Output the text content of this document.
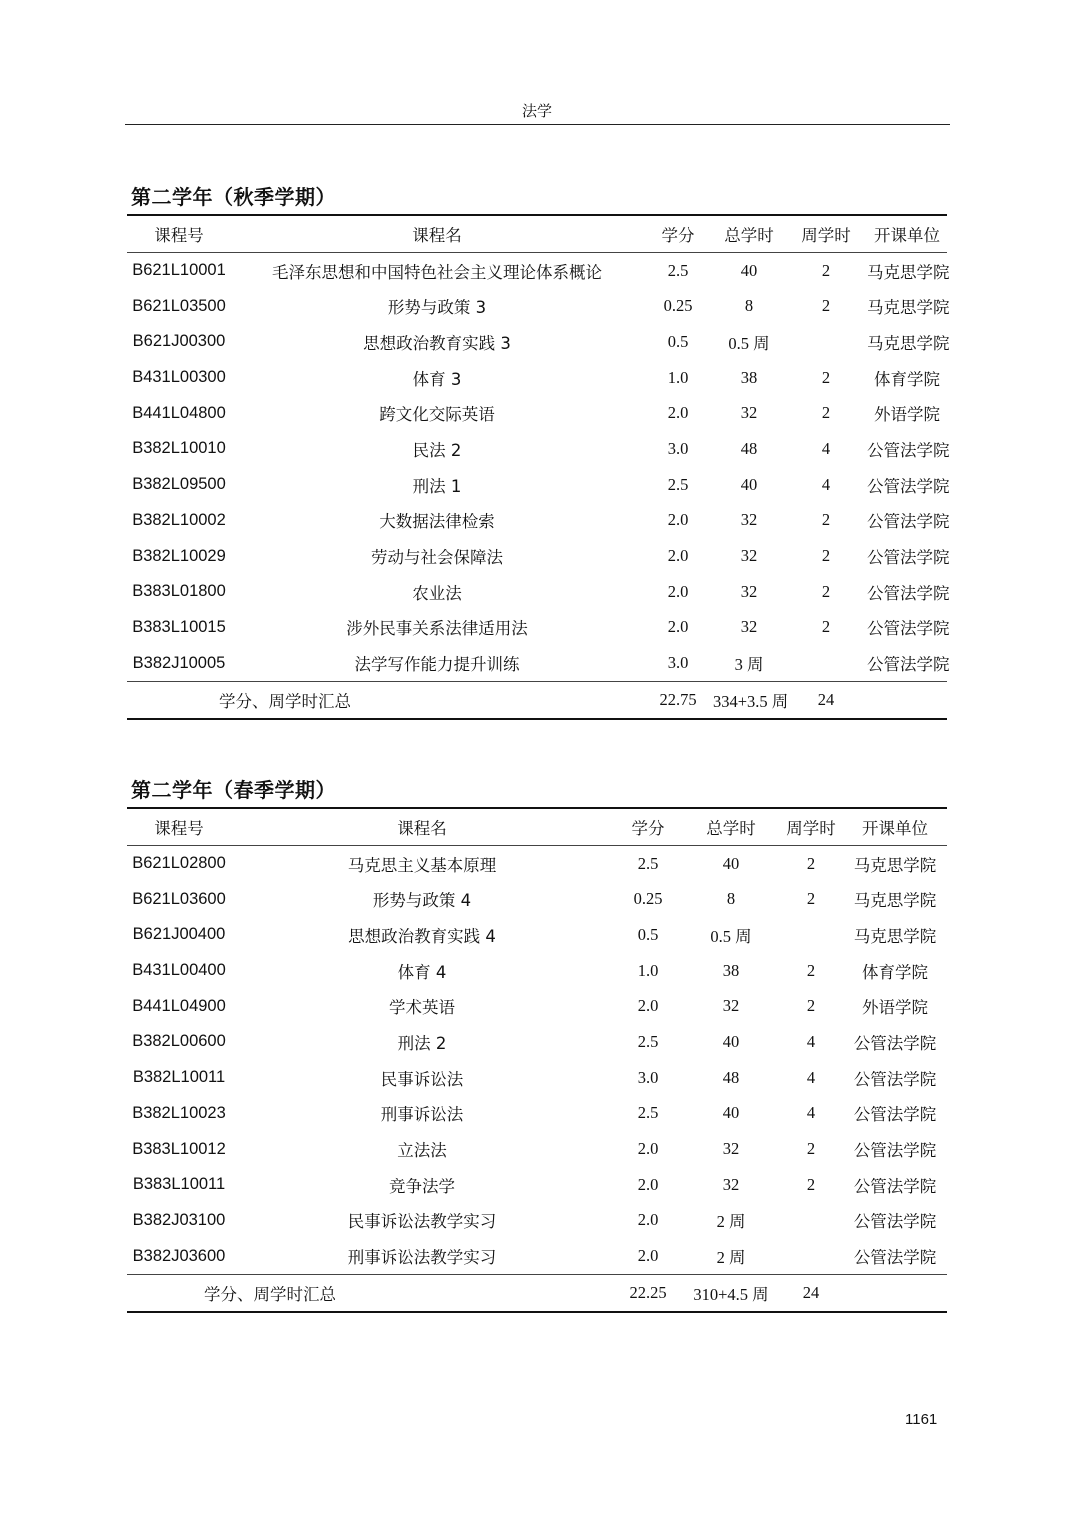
法学
第二学年（秋季学期）
课程号	课程名	学分	总学时	周学时	开课单位
B621L10001	毛泽东思想和中国特色社会主义理论体系概论	2.5	40	2	马克思学院
B621L03500	形势与政策 3	0.25	8	2	马克思学院
B621J00300	思想政治教育实践 3	0.5	0.5 周		马克思学院
B431L00300	体育 3	1.0	38	2	体育学院
B441L04800	跨文化交际英语	2.0	32	2	外语学院
B382L10010	民法 2	3.0	48	4	公管法学院
B382L09500	刑法 1	2.5	40	4	公管法学院
B382L10002	大数据法律检索	2.0	32	2	公管法学院
B382L10029	劳动与社会保障法	2.0	32	2	公管法学院
B383L01800	农业法	2.0	32	2	公管法学院
B383L10015	涉外民事关系法律适用法	2.0	32	2	公管法学院
B382J10005	法学写作能力提升训练	3.0	3 周		公管法学院
学分、周学时汇总		22.75	334+3.5 周	24	
第二学年（春季学期）
课程号	课程名	学分	总学时	周学时	开课单位
B621L02800	马克思主义基本原理	2.5	40	2	马克思学院
B621L03600	形势与政策 4	0.25	8	2	马克思学院
B621J00400	思想政治教育实践 4	0.5	0.5 周		马克思学院
B431L00400	体育 4	1.0	38	2	体育学院
B441L04900	学术英语	2.0	32	2	外语学院
B382L00600	刑法 2	2.5	40	4	公管法学院
B382L10011	民事诉讼法	3.0	48	4	公管法学院
B382L10023	刑事诉讼法	2.5	40	4	公管法学院
B383L10012	立法法	2.0	32	2	公管法学院
B383L10011	竞争法学	2.0	32	2	公管法学院
B382J03100	民事诉讼法教学实习	2.0	2 周		公管法学院
B382J03600	刑事诉讼法教学实习	2.0	2 周		公管法学院
学分、周学时汇总		22.25	310+4.5 周	24	
1161
